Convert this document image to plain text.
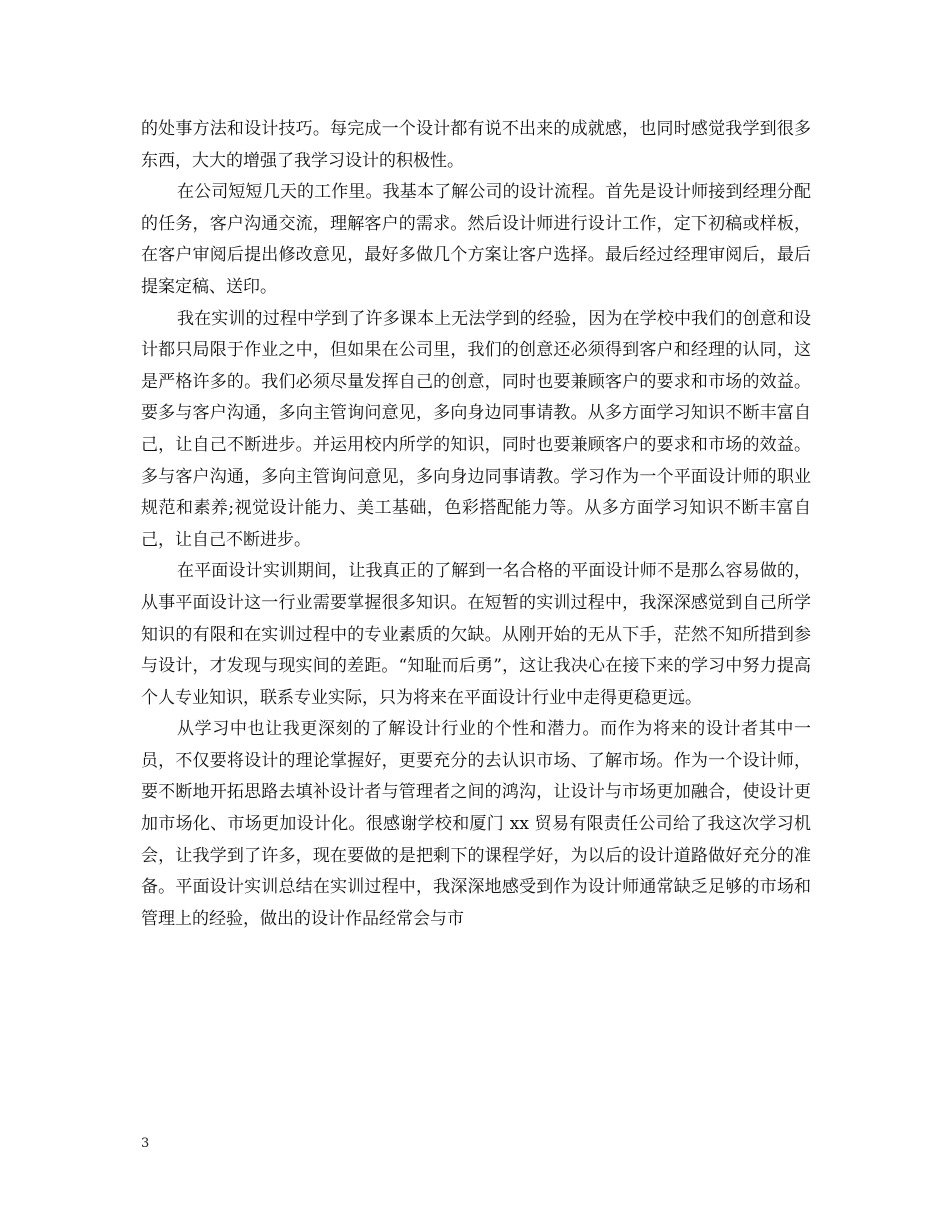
的处事方法和设计技巧。每完成一个设计都有说不出来的成就感，也同时感觉我学到很多东西，大大的增强了我学习设计的积极性。

在公司短短几天的工作里。我基本了解公司的设计流程。首先是设计师接到经理分配的任务，客户沟通交流，理解客户的需求。然后设计师进行设计工作，定下初稿或样板，在客户审阅后提出修改意见，最好多做几个方案让客户选择。最后经过经理审阅后，最后提案定稿、送印。

我在实训的过程中学到了许多课本上无法学到的经验，因为在学校中我们的创意和设计都只局限于作业之中，但如果在公司里，我们的创意还必须得到客户和经理的认同，这是严格许多的。我们必须尽量发挥自己的创意，同时也要兼顾客户的要求和市场的效益。要多与客户沟通，多向主管询问意见，多向身边同事请教。从多方面学习知识不断丰富自己，让自己不断进步。并运用校内所学的知识，同时也要兼顾客户的要求和市场的效益。多与客户沟通，多向主管询问意见，多向身边同事请教。学习作为一个平面设计师的职业规范和素养;视觉设计能力、美工基础，色彩搭配能力等。从多方面学习知识不断丰富自己，让自己不断进步。

在平面设计实训期间，让我真正的了解到一名合格的平面设计师不是那么容易做的，从事平面设计这一行业需要掌握很多知识。在短暂的实训过程中，我深深感觉到自己所学知识的有限和在实训过程中的专业素质的欠缺。从刚开始的无从下手，茫然不知所措到参与设计，才发现与现实间的差距。“知耻而后勇”，这让我决心在接下来的学习中努力提高个人专业知识，联系专业实际，只为将来在平面设计行业中走得更稳更远。

从学习中也让我更深刻的了解设计行业的个性和潜力。而作为将来的设计者其中一员，不仅要将设计的理论掌握好，更要充分的去认识市场、了解市场。作为一个设计师，要不断地开拓思路去填补设计者与管理者之间的鸿沟，让设计与市场更加融合，使设计更加市场化、市场更加设计化。很感谢学校和厦门 xx 贸易有限责任公司给了我这次学习机会，让我学到了许多，现在要做的是把剩下的课程学好，为以后的设计道路做好充分的准备。平面设计实训总结在实训过程中，我深深地感受到作为设计师通常缺乏足够的市场和管理上的经验，做出的设计作品经常会与市

3
